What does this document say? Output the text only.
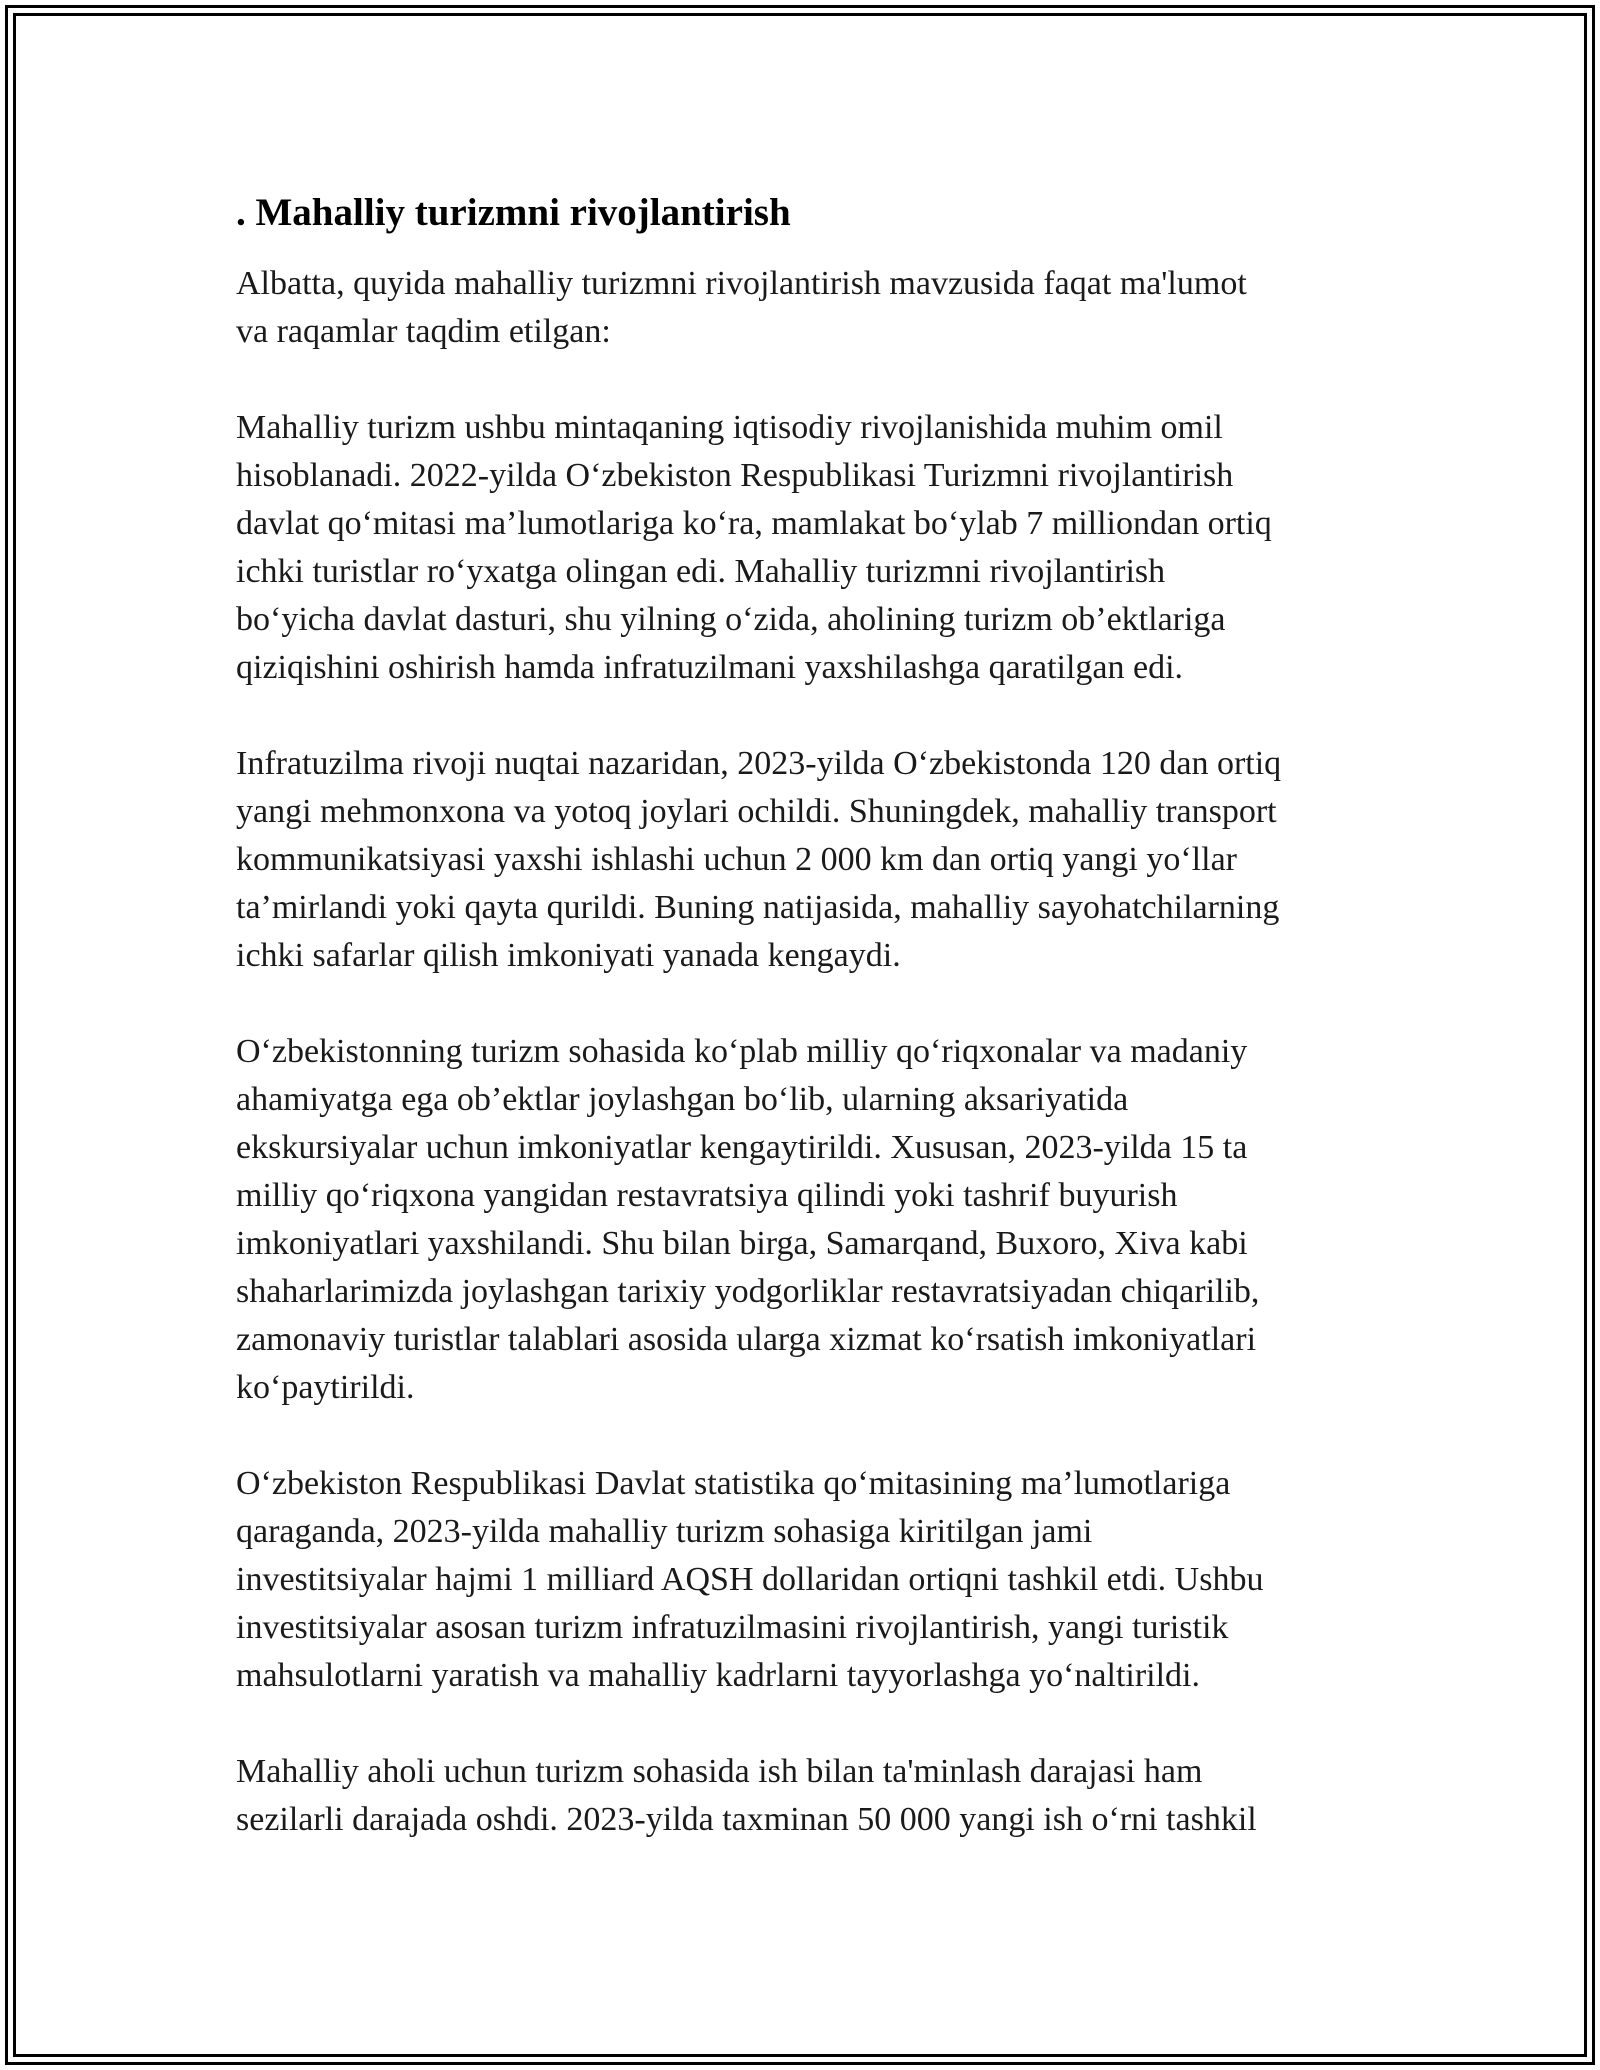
. Mahalliy turizmni rivojlantirish
Albatta, quyida mahalliy turizmni rivojlantirish mavzusida faqat ma'lumot
va raqamlar taqdim etilgan:
Mahalliy turizm ushbu mintaqaning iqtisodiy rivojlanishida muhim omil
hisoblanadi. 2022-yilda O‘zbekiston Respublikasi Turizmni rivojlantirish
davlat qo‘mitasi ma’lumotlariga ko‘ra, mamlakat bo‘ylab 7 milliondan ortiq
ichki turistlar ro‘yxatga olingan edi. Mahalliy turizmni rivojlantirish
bo‘yicha davlat dasturi, shu yilning o‘zida, aholining turizm ob’ektlariga
qiziqishini oshirish hamda infratuzilmani yaxshilashga qaratilgan edi.
Infratuzilma rivoji nuqtai nazaridan, 2023-yilda O‘zbekistonda 120 dan ortiq
yangi mehmonxona va yotoq joylari ochildi. Shuningdek, mahalliy transport
kommunikatsiyasi yaxshi ishlashi uchun 2 000 km dan ortiq yangi yo‘llar
ta’mirlandi yoki qayta qurildi. Buning natijasida, mahalliy sayohatchilarning
ichki safarlar qilish imkoniyati yanada kengaydi.
O‘zbekistonning turizm sohasida ko‘plab milliy qo‘riqxonalar va madaniy
ahamiyatga ega ob’ektlar joylashgan bo‘lib, ularning aksariyatida
ekskursiyalar uchun imkoniyatlar kengaytirildi. Xususan, 2023-yilda 15 ta
milliy qo‘riqxona yangidan restavratsiya qilindi yoki tashrif buyurish
imkoniyatlari yaxshilandi. Shu bilan birga, Samarqand, Buxoro, Xiva kabi
shaharlarimizda joylashgan tarixiy yodgorliklar restavratsiyadan chiqarilib,
zamonaviy turistlar talablari asosida ularga xizmat ko‘rsatish imkoniyatlari
ko‘paytirildi.
O‘zbekiston Respublikasi Davlat statistika qo‘mitasining ma’lumotlariga
qaraganda, 2023-yilda mahalliy turizm sohasiga kiritilgan jami
investitsiyalar hajmi 1 milliard AQSH dollaridan ortiqni tashkil etdi. Ushbu
investitsiyalar asosan turizm infratuzilmasini rivojlantirish, yangi turistik
mahsulotlarni yaratish va mahalliy kadrlarni tayyorlashga yo‘naltirildi.
Mahalliy aholi uchun turizm sohasida ish bilan ta'minlash darajasi ham
sezilarli darajada oshdi. 2023-yilda taxminan 50 000 yangi ish o‘rni tashkil
